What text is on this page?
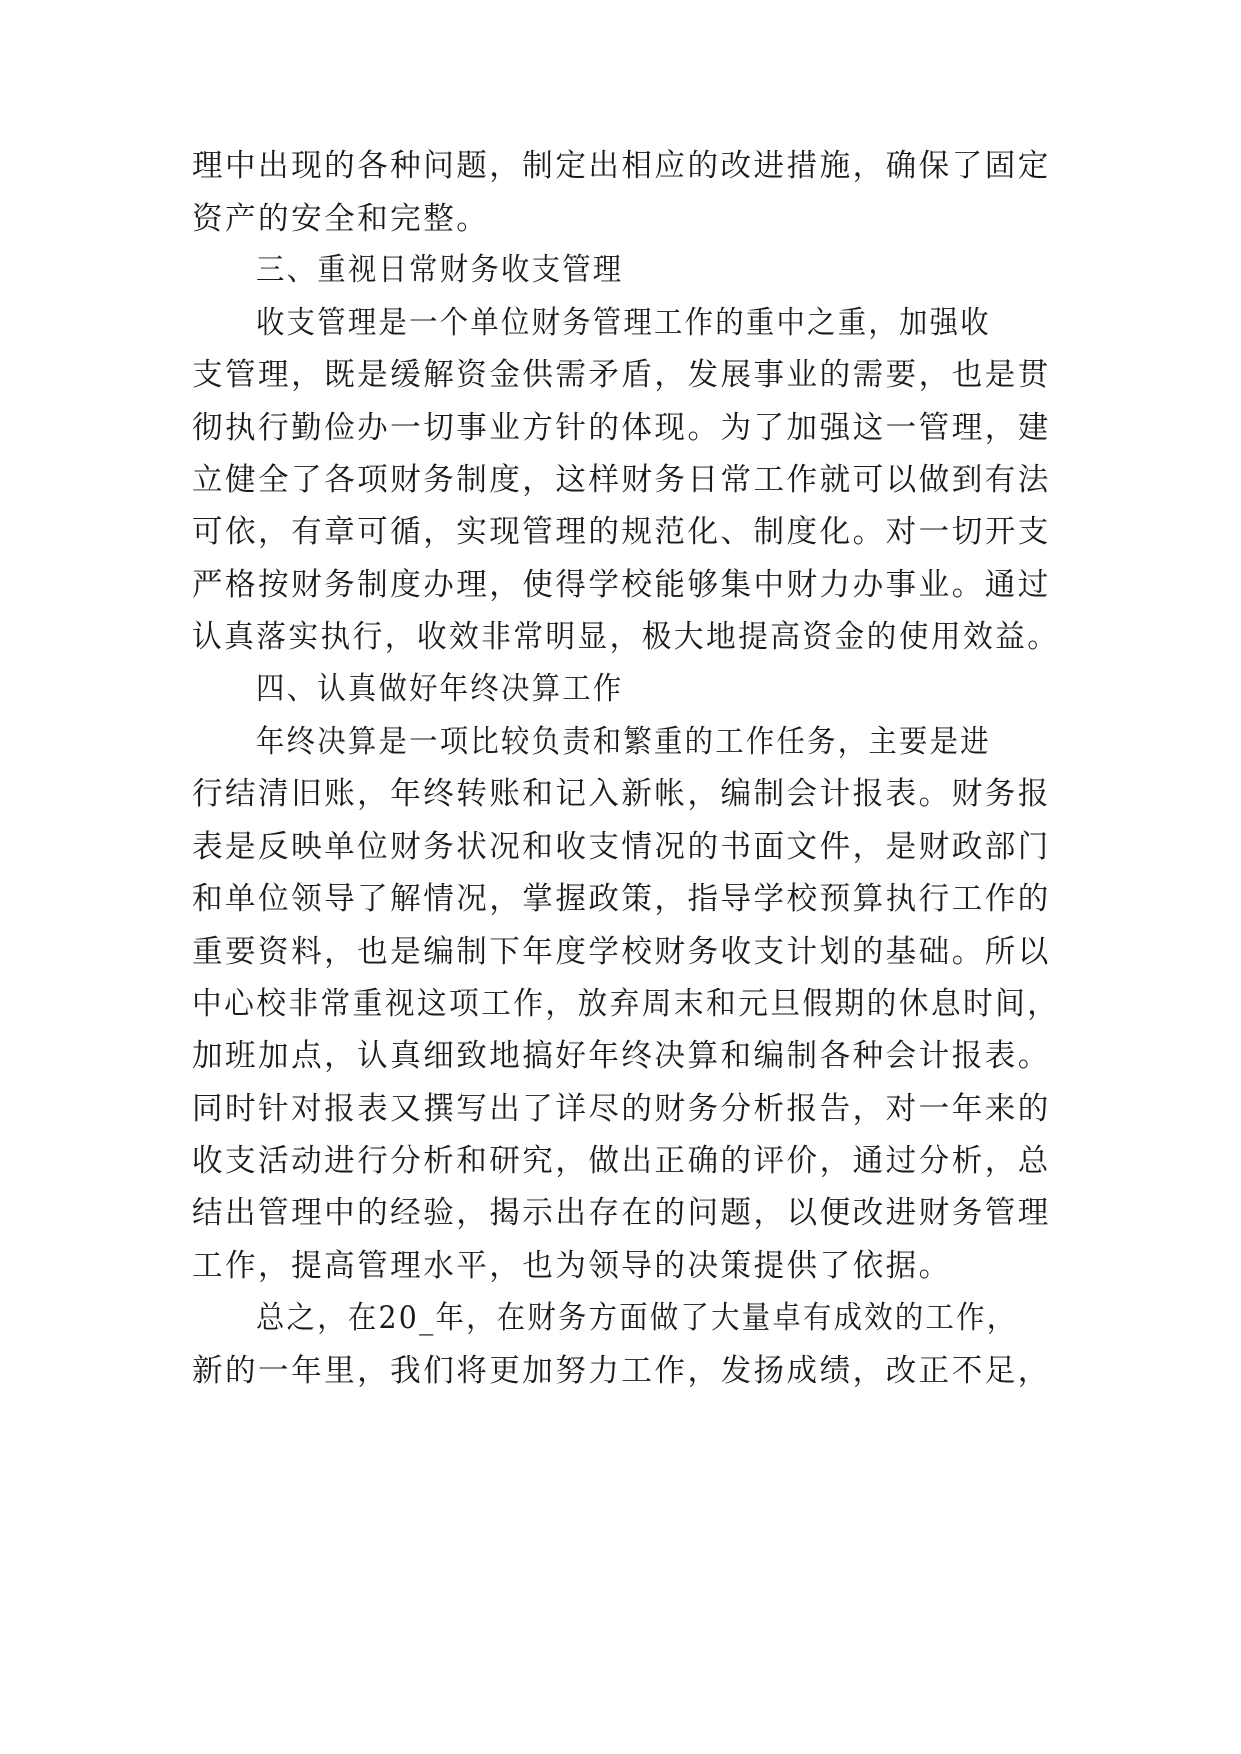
理中出现的各种问题，制定出相应的改进措施，确保了固定
资产的安全和完整。
三、重视日常财务收支管理
收支管理是一个单位财务管理工作的重中之重，加强收
支管理，既是缓解资金供需矛盾，发展事业的需要，也是贯
彻执行勤俭办一切事业方针的体现。为了加强这一管理，建
立健全了各项财务制度，这样财务日常工作就可以做到有法
可依，有章可循，实现管理的规范化、制度化。对一切开支
严格按财务制度办理，使得学校能够集中财力办事业。通过
认真落实执行，收效非常明显，极大地提高资金的使用效益。
四、认真做好年终决算工作
年终决算是一项比较负责和繁重的工作任务，主要是进
行结清旧账，年终转账和记入新帐，编制会计报表。财务报
表是反映单位财务状况和收支情况的书面文件，是财政部门
和单位领导了解情况，掌握政策，指导学校预算执行工作的
重要资料，也是编制下年度学校财务收支计划的基础。所以
中心校非常重视这项工作，放弃周末和元旦假期的休息时间，
加班加点，认真细致地搞好年终决算和编制各种会计报表。
同时针对报表又撰写出了详尽的财务分析报告，对一年来的
收支活动进行分析和研究，做出正确的评价，通过分析，总
结出管理中的经验，揭示出存在的问题，以便改进财务管理
工作，提高管理水平，也为领导的决策提供了依据。
总之，在20_年，在财务方面做了大量卓有成效的工作，
新的一年里，我们将更加努力工作，发扬成绩，改正不足，
